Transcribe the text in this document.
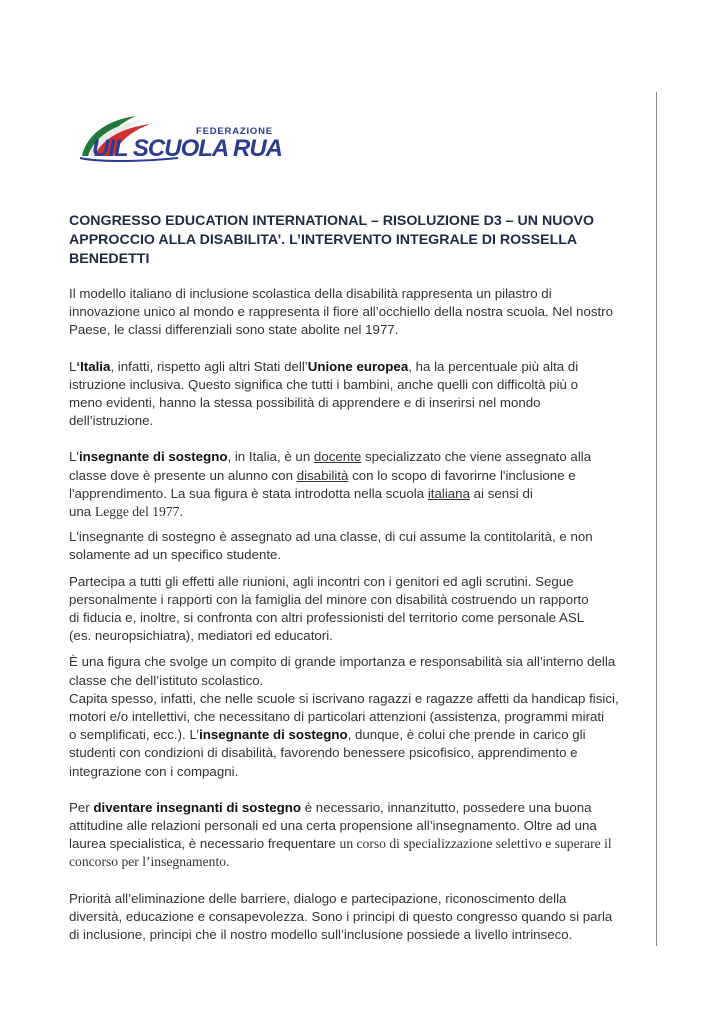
FEDERAZIONE
UIL SCUOLA RUA
CONGRESSO EDUCATION INTERNATIONAL – RISOLUZIONE D3 – UN NUOVO APPROCCIO ALLA DISABILITA’. L’INTERVENTO INTEGRALE DI ROSSELLA BENEDETTI

Il modello italiano di inclusione scolastica della disabilità rappresenta un pilastro di
innovazione unico al mondo e rappresenta il fiore all’occhiello della nostra scuola. Nel nostro
Paese, le classi differenziali sono state abolite nel 1977.

L‘Italia, infatti, rispetto agli altri Stati dell’Unione europea, ha la percentuale più alta di
istruzione inclusiva. Questo significa che tutti i bambini, anche quelli con difficoltà più o
meno evidenti, hanno la stessa possibilità di apprendere e di inserirsi nel mondo
dell’istruzione.

L'insegnante di sostegno, in Italia, è un docente specializzato che viene assegnato alla
classe dove è presente un alunno con disabilità con lo scopo di favorirne l'inclusione e
l'apprendimento. La sua figura è stata introdotta nella scuola italiana ai sensi di
una Legge del 1977.

L'insegnante di sostegno è assegnato ad una classe, di cui assume la contitolarità, e non
solamente ad un specifico studente.

Partecipa a tutti gli effetti alle riunioni, agli incontri con i genitori ed agli scrutini. Segue
personalmente i rapporti con la famiglia del minore con disabilità costruendo un rapporto
di fiducia e, inoltre, si confronta con altri professionisti del territorio come personale ASL
(es. neuropsichiatra), mediatori ed educatori.

È una figura che svolge un compito di grande importanza e responsabilità sia all’interno della
classe che dell’istituto scolastico.
Capita spesso, infatti, che nelle scuole si iscrivano ragazzi e ragazze affetti da handicap fisici,
motori e/o intellettivi, che necessitano di particolari attenzioni (assistenza, programmi mirati
o semplificati, ecc.). L’insegnante di sostegno, dunque, è colui che prende in carico gli
studenti con condizioni di disabilità, favorendo benessere psicofisico, apprendimento e
integrazione con i compagni.

Per diventare insegnanti di sostegno è necessario, innanzitutto, possedere una buona
attitudine alle relazioni personali ed una certa propensione all’insegnamento. Oltre ad una
laurea specialistica, è necessario frequentare un corso di specializzazione selettivo e superare il
concorso per l’insegnamento.

Priorità all’eliminazione delle barriere, dialogo e partecipazione, riconoscimento della
diversità, educazione e consapevolezza. Sono i principi di questo congresso quando si parla
di inclusione, principi che il nostro modello sull’inclusione possiede a livello intrinseco.
